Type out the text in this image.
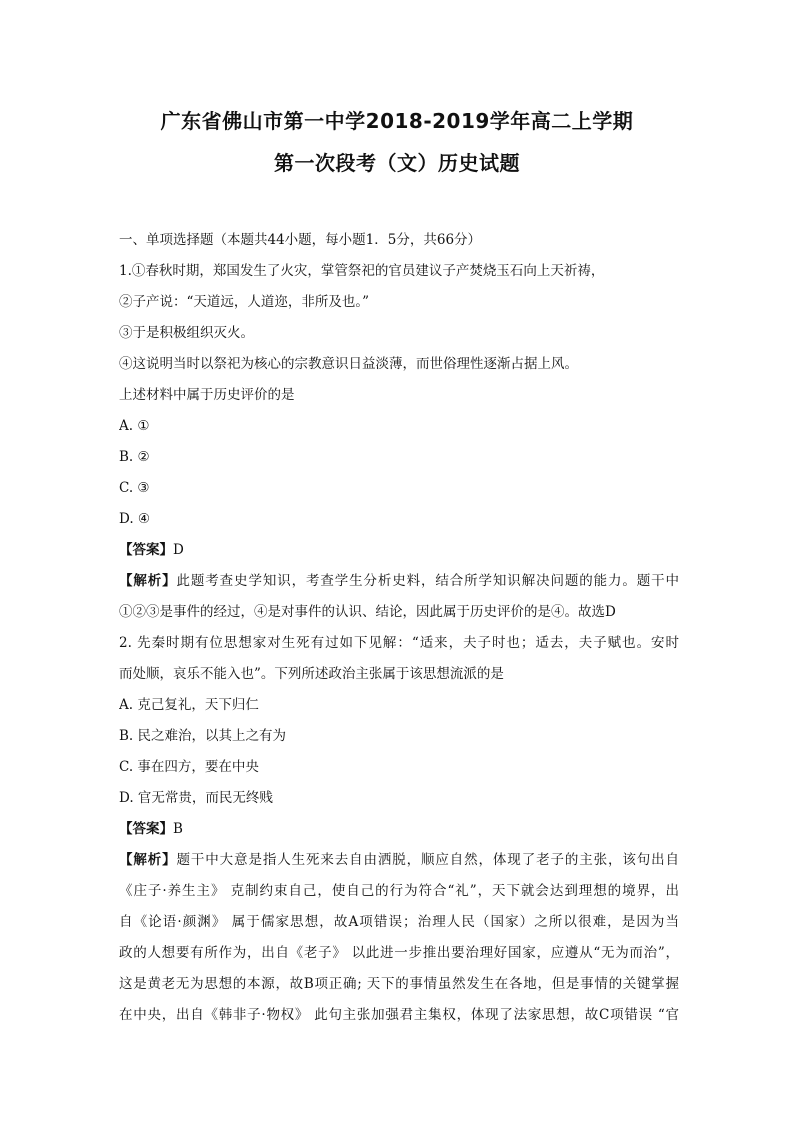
广东省佛山市第一中学2018-2019学年高二上学期
第一次段考（文）历史试题
一、单项选择题（本题共44小题，每小题1．5分，共66分）
1.①春秋时期，郑国发生了火灾，掌管祭祀的官员建议子产焚烧玉石向上天祈祷，
②子产说：“天道远，人道迩，非所及也。”
③于是积极组织灭火。
④这说明当时以祭祀为核心的宗教意识日益淡薄，而世俗理性逐渐占据上风。
上述材料中属于历史评价的是
A. ①
B. ②
C. ③
D. ④
【答案】D
【解析】此题考查史学知识，考查学生分析史料，结合所学知识解决问题的能力。题干中
①②③是事件的经过，④是对事件的认识、结论，因此属于历史评价的是④。故选D
2. 先秦时期有位思想家对生死有过如下见解：“适来，夫子时也；适去，夫子赋也。安时
而处顺，哀乐不能入也”。下列所述政治主张属于该思想流派的是
A. 克己复礼，天下归仁
B. 民之难治，以其上之有为
C. 事在四方，要在中央
D. 官无常贵，而民无终贱
【答案】B
【解析】题干中大意是指人生死来去自由洒脱，顺应自然，体现了老子的主张，该句出自
《庄子·养生主》 克制约束自己，使自己的行为符合“礼”，天下就会达到理想的境界，出
自《论语·颜渊》 属于儒家思想，故A项错误；治理人民（国家）之所以很难，是因为当
政的人想要有所作为，出自《老子》 以此进一步推出要治理好国家，应遵从“无为而治”，
这是黄老无为思想的本源，故B项正确; 天下的事情虽然发生在各地，但是事情的关键掌握
在中央，出自《韩非子·物权》 此句主张加强君主集权，体现了法家思想，故C项错误 “官
